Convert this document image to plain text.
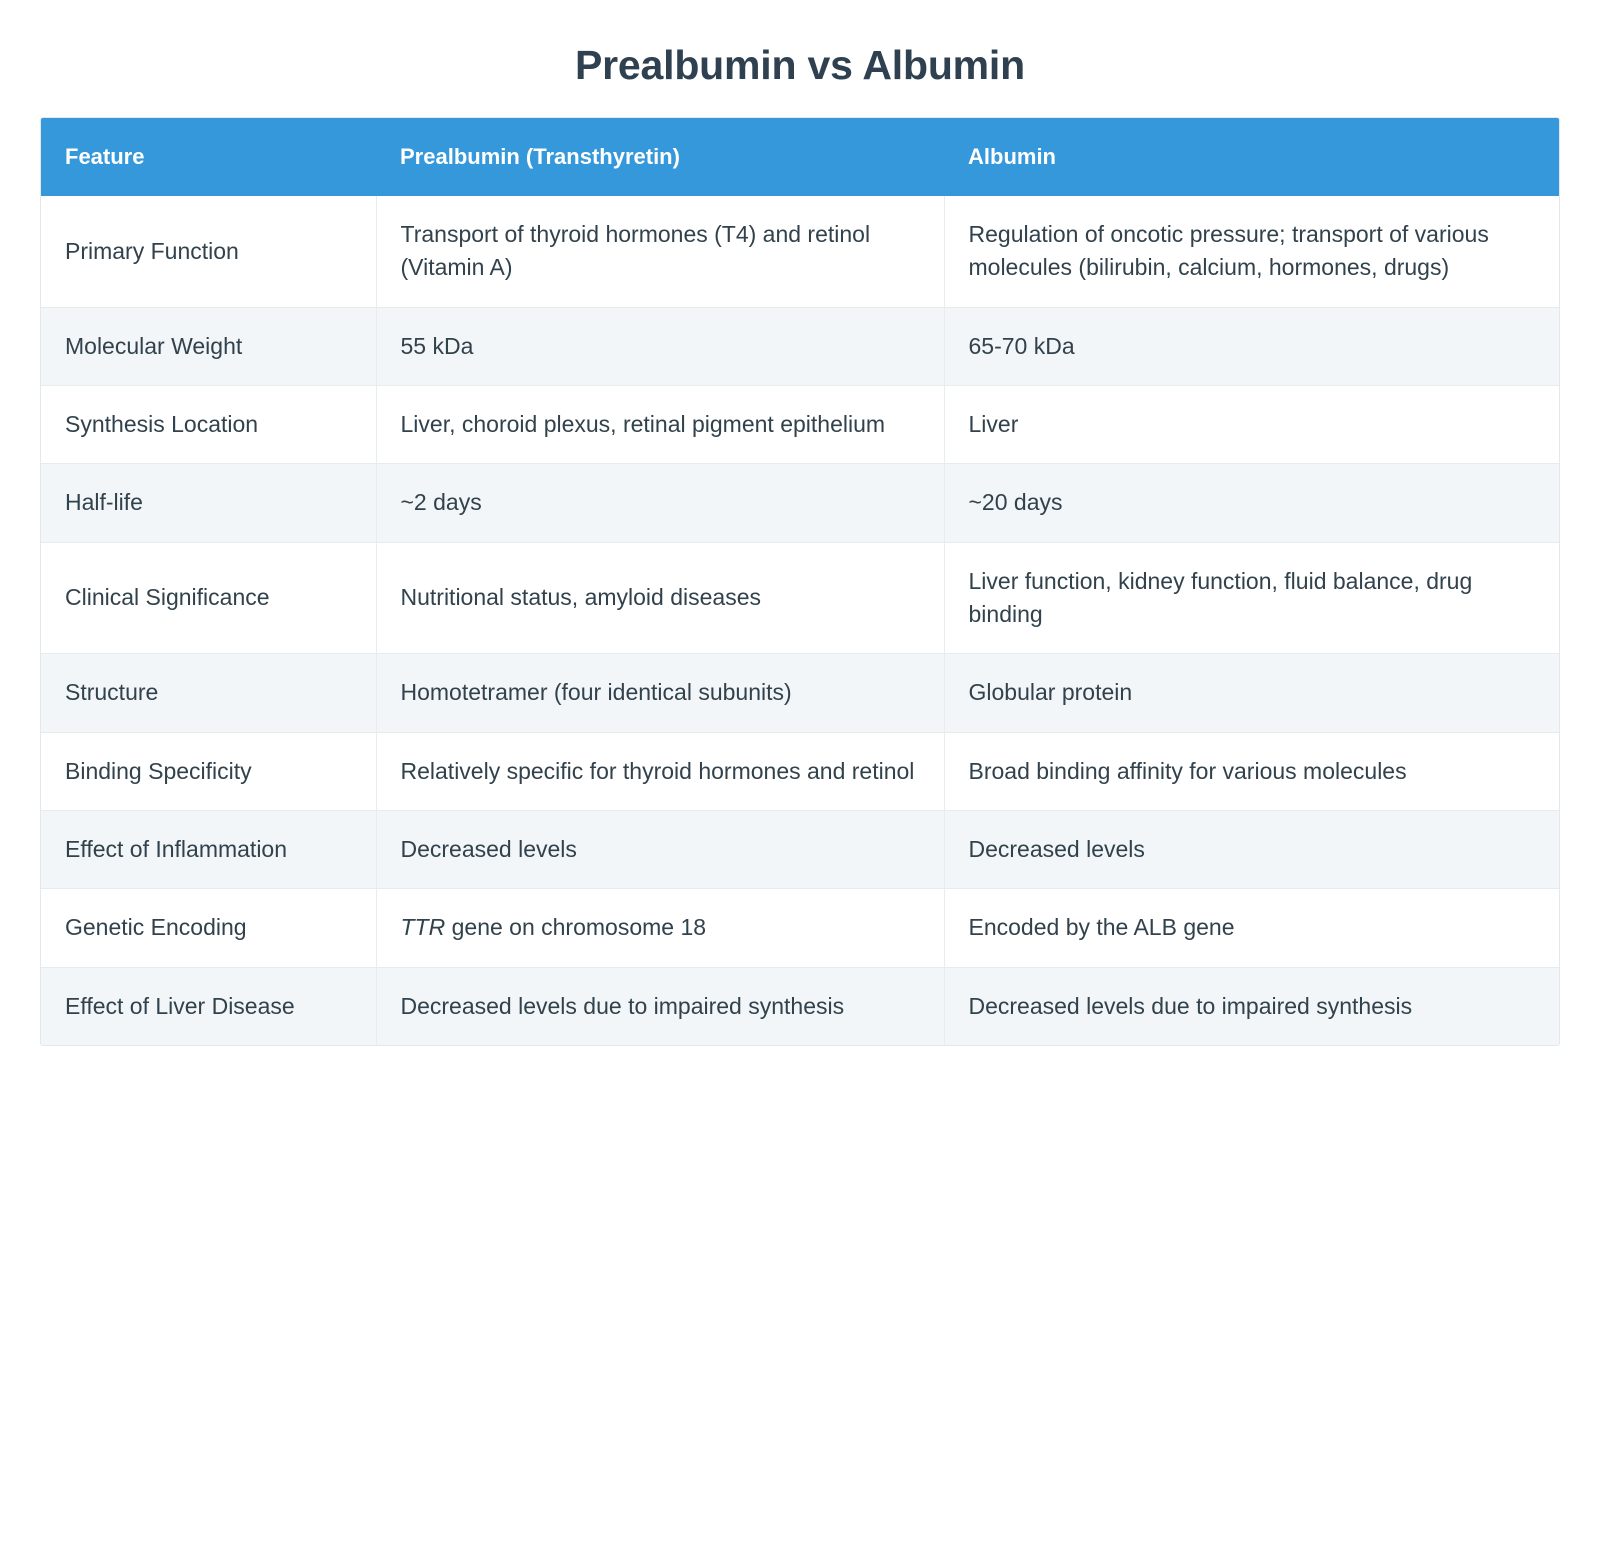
Prealbumin vs Albumin
Feature	Prealbumin (Transthyretin)	Albumin
Primary Function	Transport of thyroid hormones (T4) and retinol (Vitamin A)	Regulation of oncotic pressure; transport of various molecules (bilirubin, calcium, hormones, drugs)
Molecular Weight	55 kDa	65-70 kDa
Synthesis Location	Liver, choroid plexus, retinal pigment epithelium	Liver
Half-life	~2 days	~20 days
Clinical Significance	Nutritional status, amyloid diseases	Liver function, kidney function, fluid balance, drug binding
Structure	Homotetramer (four identical subunits)	Globular protein
Binding Specificity	Relatively specific for thyroid hormones and retinol	Broad binding affinity for various molecules
Effect of Inflammation	Decreased levels	Decreased levels
Genetic Encoding	TTR gene on chromosome 18	Encoded by the ALB gene
Effect of Liver Disease	Decreased levels due to impaired synthesis	Decreased levels due to impaired synthesis
